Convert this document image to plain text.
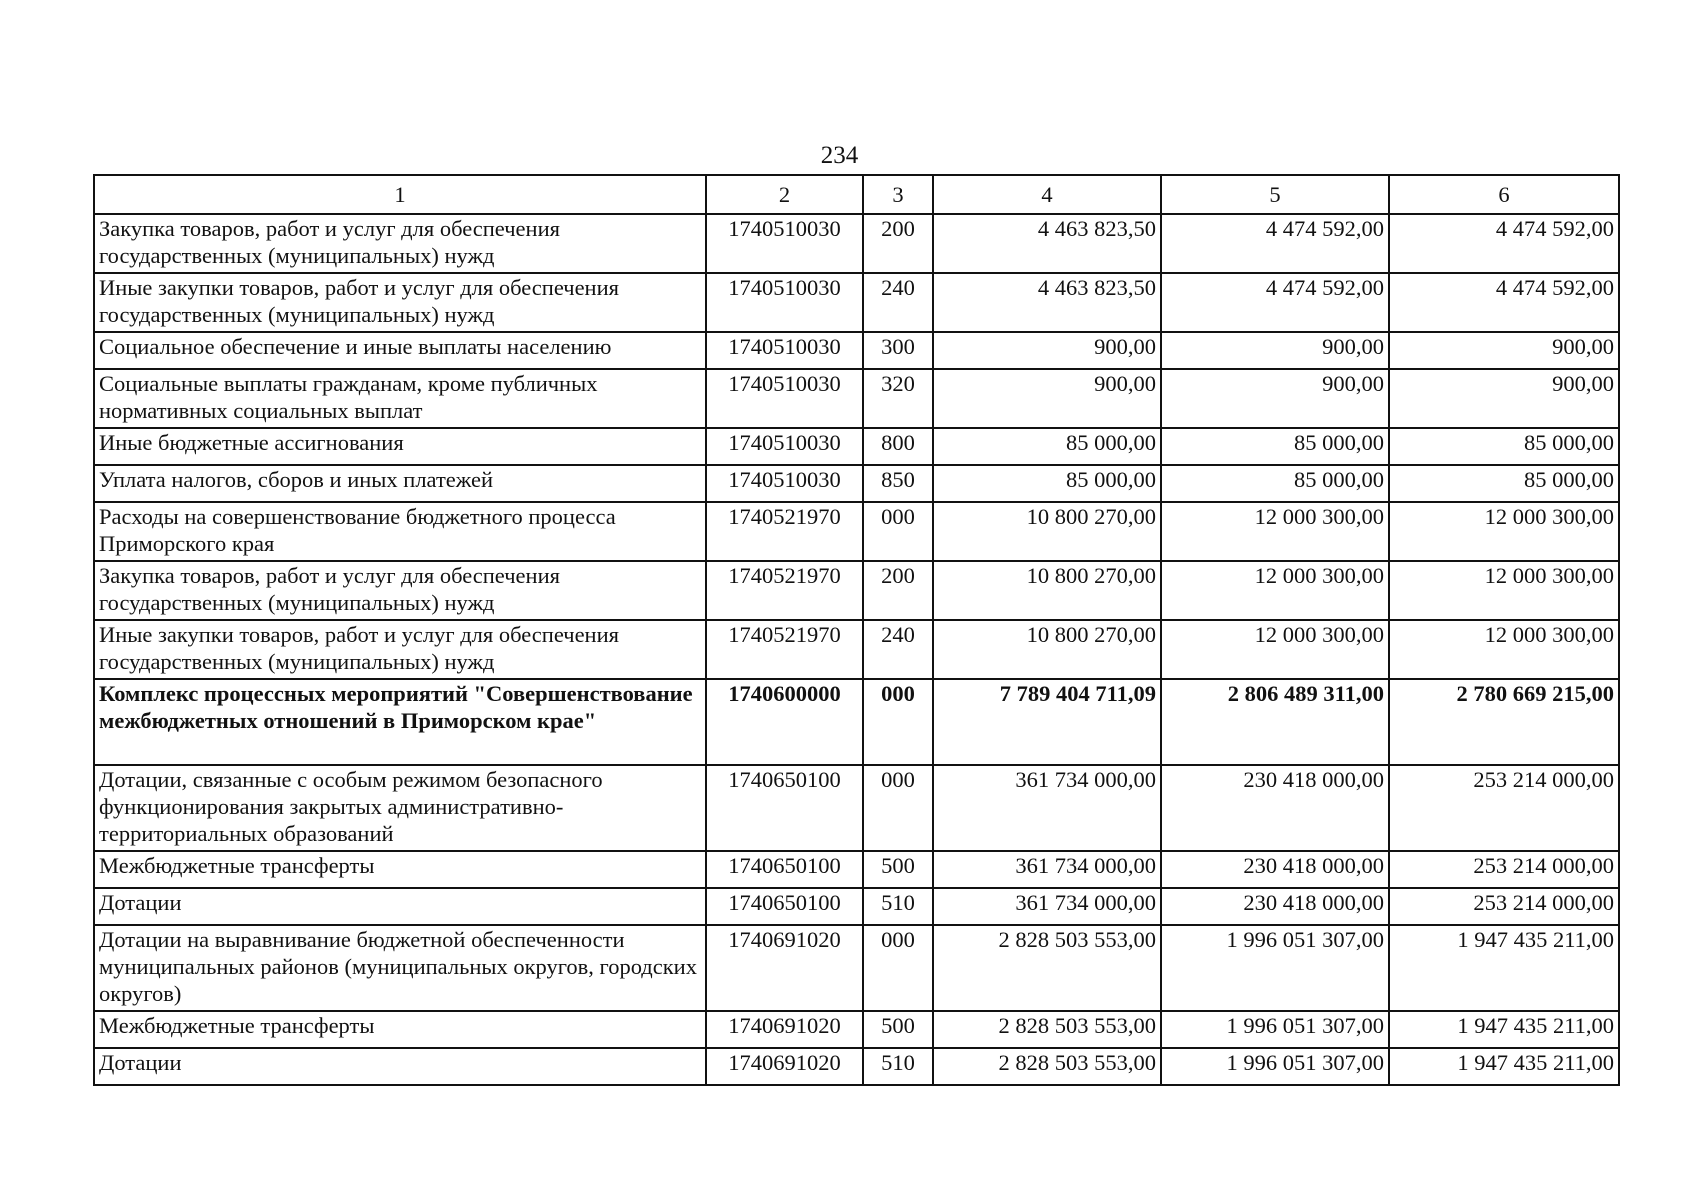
234
1	2	3	4	5	6
Закупка товаров, работ и услуг для обеспечения государственных (муниципальных) нужд	1740510030	200	4 463 823,50	4 474 592,00	4 474 592,00
Иные закупки товаров, работ и услуг для обеспечения государственных (муниципальных) нужд	1740510030	240	4 463 823,50	4 474 592,00	4 474 592,00
Социальное обеспечение и иные выплаты населению	1740510030	300	900,00	900,00	900,00
Социальные выплаты гражданам, кроме публичных нормативных социальных выплат	1740510030	320	900,00	900,00	900,00
Иные бюджетные ассигнования	1740510030	800	85 000,00	85 000,00	85 000,00
Уплата налогов, сборов и иных платежей	1740510030	850	85 000,00	85 000,00	85 000,00
Расходы на совершенствование бюджетного процесса Приморского края	1740521970	000	10 800 270,00	12 000 300,00	12 000 300,00
Закупка товаров, работ и услуг для обеспечения государственных (муниципальных) нужд	1740521970	200	10 800 270,00	12 000 300,00	12 000 300,00
Иные закупки товаров, работ и услуг для обеспечения государственных (муниципальных) нужд	1740521970	240	10 800 270,00	12 000 300,00	12 000 300,00
Комплекс процессных мероприятий "Совершенствование межбюджетных отношений в Приморском крае"	1740600000	000	7 789 404 711,09	2 806 489 311,00	2 780 669 215,00
Дотации, связанные с особым режимом безопасного функционирования закрытых административно-территориальных образований	1740650100	000	361 734 000,00	230 418 000,00	253 214 000,00
Межбюджетные трансферты	1740650100	500	361 734 000,00	230 418 000,00	253 214 000,00
Дотации	1740650100	510	361 734 000,00	230 418 000,00	253 214 000,00
Дотации на выравнивание бюджетной обеспеченности муниципальных районов (муниципальных округов, городских округов)	1740691020	000	2 828 503 553,00	1 996 051 307,00	1 947 435 211,00
Межбюджетные трансферты	1740691020	500	2 828 503 553,00	1 996 051 307,00	1 947 435 211,00
Дотации	1740691020	510	2 828 503 553,00	1 996 051 307,00	1 947 435 211,00
